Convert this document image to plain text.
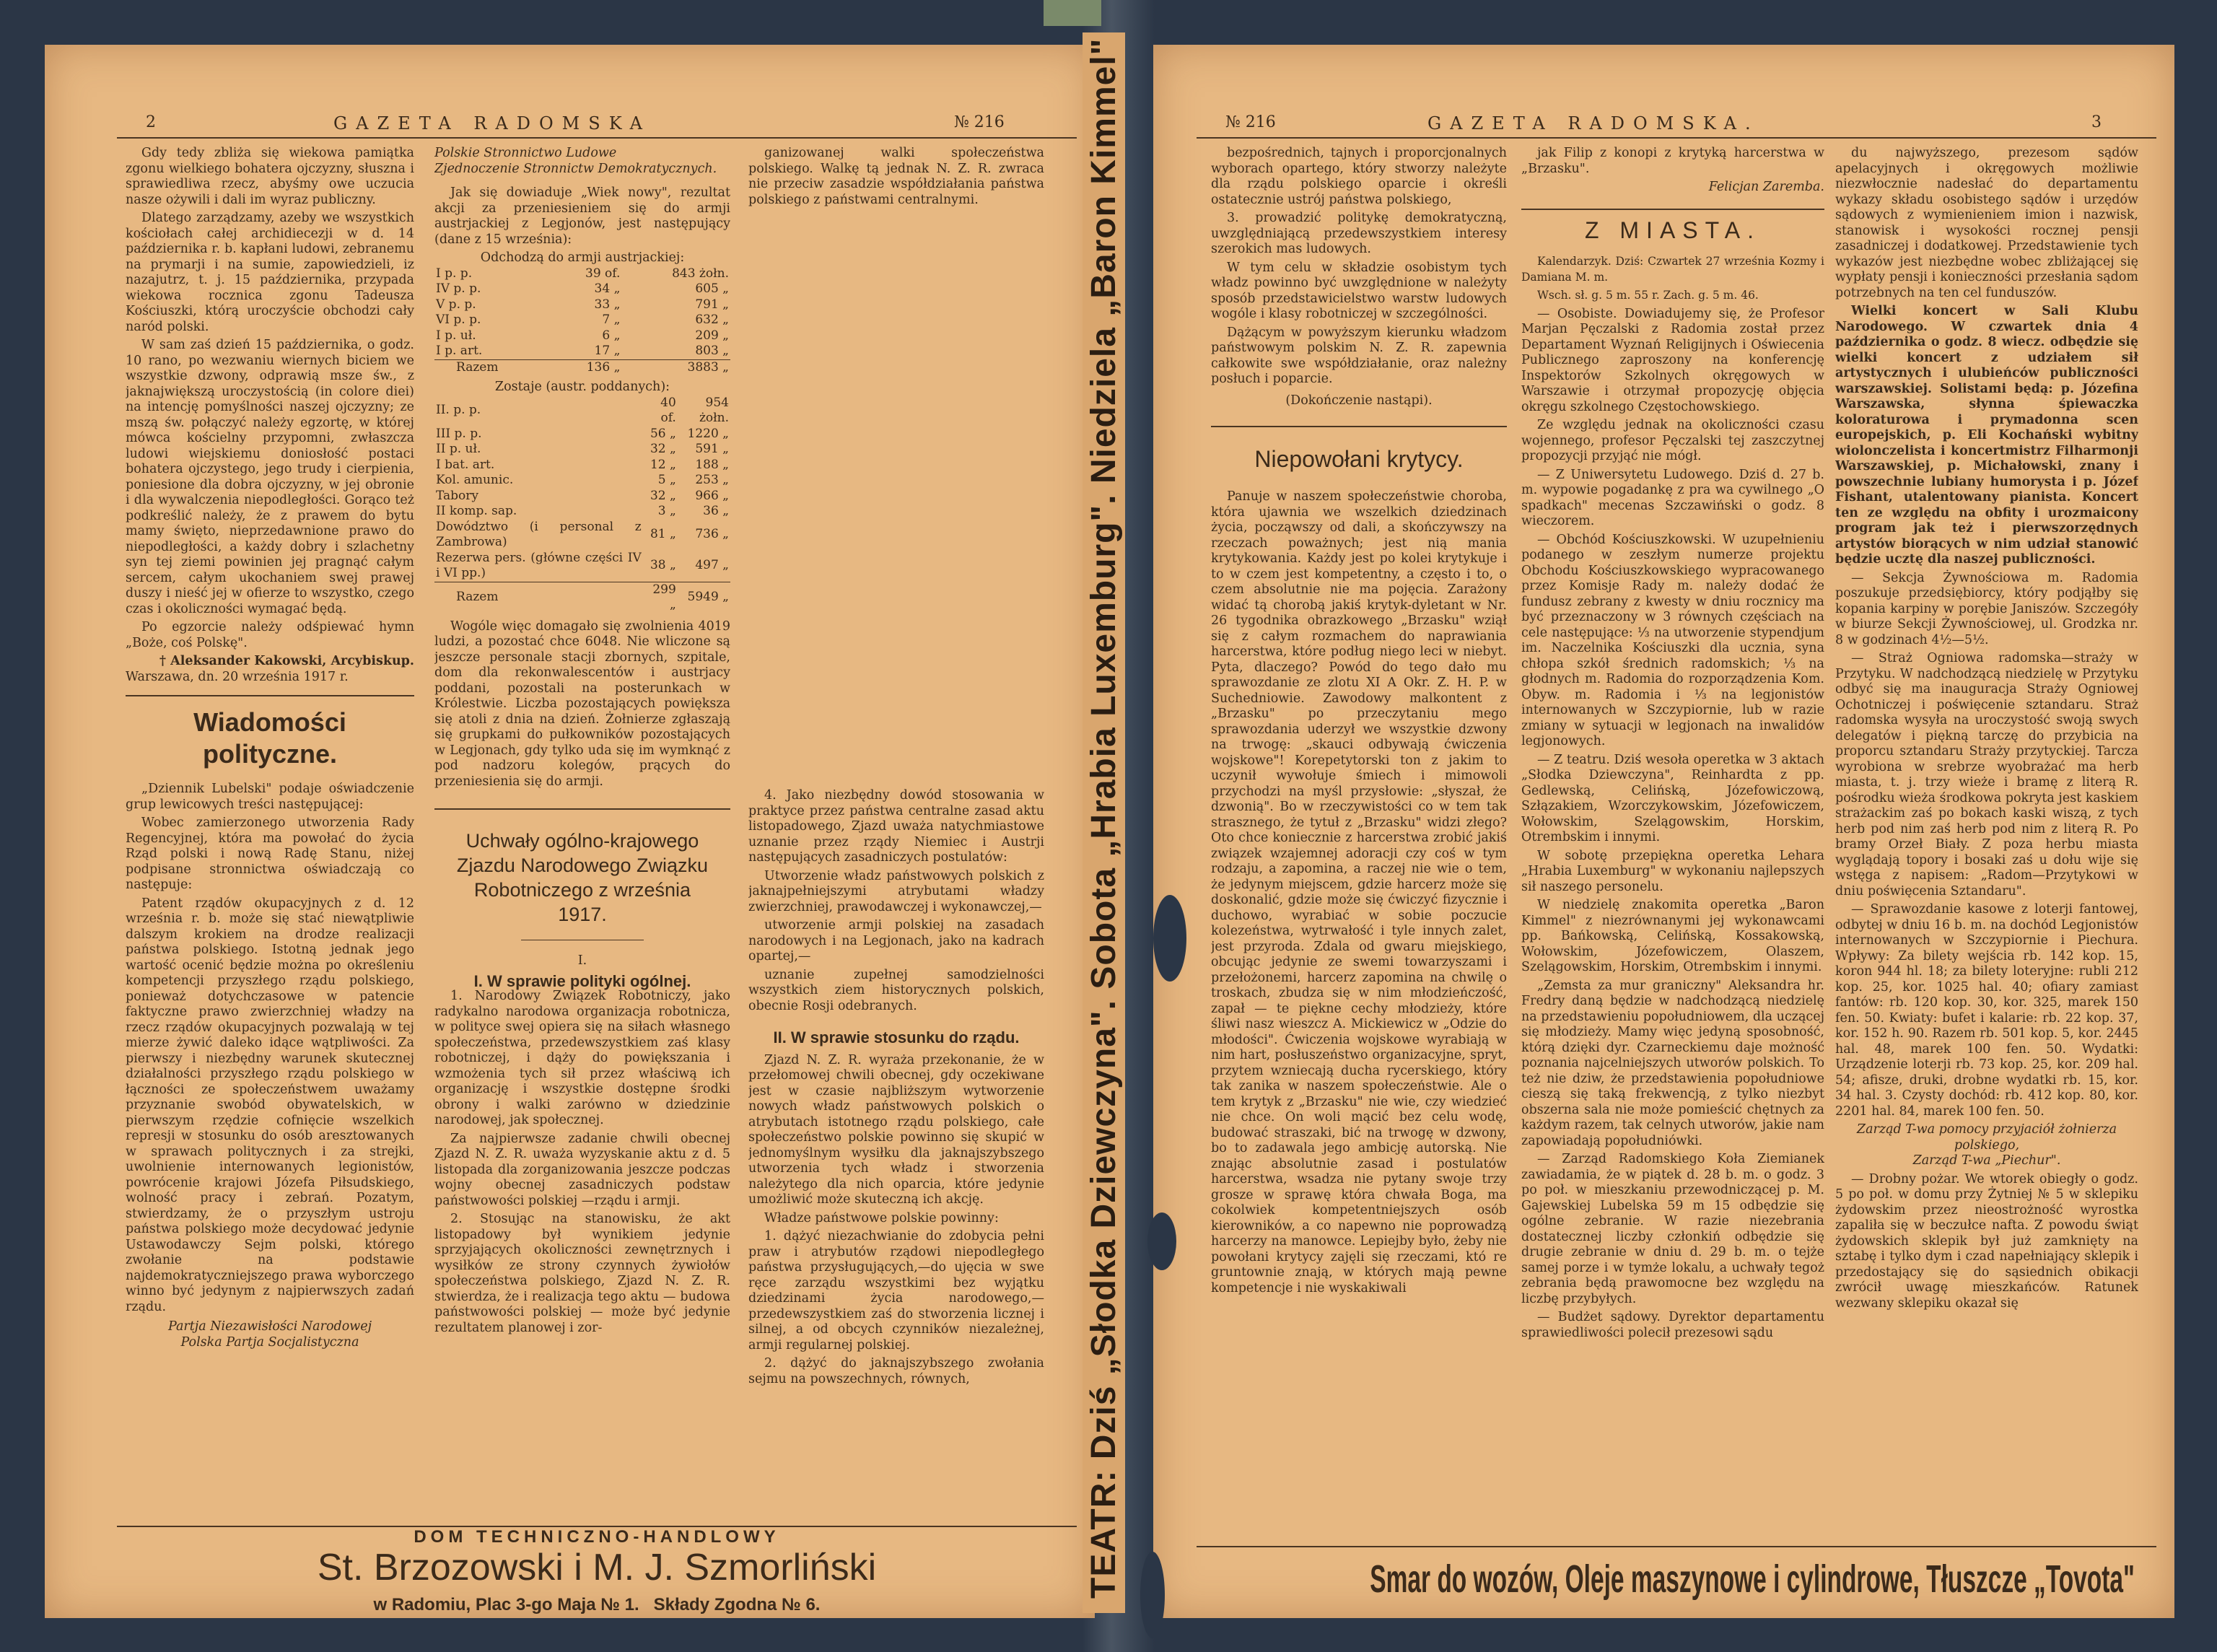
2	GAZETA RADOMSKA	№ 216

Gdy tedy zbliża się wiekowa pamiątka zgonu wielkiego bohatera ojczyzny, słuszna i sprawiedliwa rzecz, abyśmy owe uczucia nasze ożywili i dali im wyraz publiczny.

Dlatego zarządzamy, azeby we wszystkich kościołach całej archidiecezji w d. 14 października r. b. kapłani ludowi, zebranemu na prymarji i na sumie, zapowiedzieli, iz nazajutrz, t. j. 15 października, przypada wiekowa rocznica zgonu Tadeusza Kościuszki, którą uroczyście obchodzi cały naród polski.

W sam zaś dzień 15 października, o godz. 10 rano, po wezwaniu wiernych biciem we wszystkie dzwony, odprawią msze św., z jaknajwiększą uroczystością (in colore diei) na intencję pomyślności naszej ojczyzny; ze mszą św. połączyć należy egzortę, w której mówca kościelny przypomni, zwłaszcza ludowi wiejskiemu doniosłość postaci bohatera ojczystego, jego trudy i cierpienia, poniesione dla dobra ojczyzny, w jej obronie i dla wywalczenia niepodległości. Gorąco też podkreślić należy, że z prawem do bytu mamy święto, nieprzedawnione prawo do niepodległości, a każdy dobry i szlachetny syn tej ziemi powinien jej pragnąć całym sercem, całym ukochaniem swej prawej duszy i nieść jej w ofierze to wszystko, czego czas i okoliczności wymagać będą.

Po egzorcie należy odśpiewać hymn „Boże, coś Polskę".

† Aleksander Kakowski, Arcybiskup.
Warszawa, dn. 20 września 1917 r.
Wiadomości polityczne.

„Dziennik Lubelski" podaje oświadczenie grup lewicowych treści następującej:

Wobec zamierzonego utworzenia Rady Regencyjnej, która ma powołać do życia Rząd polski i nową Radę Stanu, niżej podpisane stronnictwa oświadczają co następuje:

Patent rządów okupacyjnych z d. 12 września r. b. może się stać niewątpliwie dalszym krokiem na drodze realizacji państwa polskiego. Istotną jednak jego wartość ocenić będzie można po określeniu kompetencji przyszłego rządu polskiego, ponieważ dotychczasowe w patencie faktyczne prawo zwierzchniej władzy na rzecz rządów okupacyjnych pozwalają w tej mierze żywić daleko idące wątpliwości. Za pierwszy i niezbędny warunek skutecznej działalności przyszłego rządu polskiego w łączności ze społeczeństwem uważamy przyznanie swobód obywatelskich, w pierwszym rzędzie cofnięcie wszelkich represji w stosunku do osób aresztowanych w sprawach politycznych i za strejki, uwolnienie internowanych legionistów, powrócenie krajowi Józefa Piłsudskiego, wolność pracy i zebrań. Pozatym, stwierdzamy, że o przyszłym ustroju państwa polskiego może decydować jedynie Ustawodawczy Sejm polski, którego zwołanie na podstawie najdemokratyczniejszego prawa wyborczego winno być jedynym z najpierwszych zadań rządu.

Partja Niezawisłości Narodowej
Polska Partja Socjalistyczna
Polskie Stronnictwo Ludowe
Zjednoczenie Stronnictw Demokratycznych.

Jak się dowiaduje „Wiek nowy", rezultat akcji za przeniesieniem się do armji austrjackiej z Legjonów, jest następujący (dane z 15 września):

Odchodzą do armji austrjackiej:
I p. p.	39 of.	843 żołn.
IV p. p.	34 „	605 „
V p. p.	33 „	791 „
VI p. p.	7 „	632 „
I p. uł.	6 „	209 „
I p. art.	17 „	803 „
Razem	136 „	3883 „
Zostaje (austr. poddanych):
II. p. p.	40 of.	954 żołn.
III p. p.	56 „	1220 „
II p. uł.	32 „	591 „
I bat. art.	12 „	188 „
Kol. amunic.	5 „	253 „
Tabory	32 „	966 „
II komp. sap.	3 „	36 „
Dowództwo (i personal z Zambrowa)	81 „	736 „
Rezerwa pers. (główne części IV i VI pp.)	38 „	497 „
Razem	299 „	5949 „

Wogóle więc domagało się zwolnienia 4019 ludzi, a pozostać chce 6048. Nie wliczone są jeszcze personale stacji zbornych, szpitale, dom dla rekonwalescentów i austrjacy poddani, pozostali na posterunkach w Królestwie. Liczba pozostających powiększa się atoli z dnia na dzień. Żołnierze zgłaszają się grupkami do pułkowników pozostających w Legjonach, gdy tylko uda się im wymknąć z pod nadzoru kolegów, prących do przeniesienia się do armji.

Uchwały ogólno-krajowego Zjazdu Narodowego Związku Robotniczego z września 1917.
I.
I. W sprawie polityki ogólnej.

1. Narodowy Związek Robotniczy, jako radykalno narodowa organizacja robotnicza, w polityce swej opiera się na siłach własnego społeczeństwa, przedewszystkiem zaś klasy robotniczej, i dąży do powiększania i wzmożenia tych sił przez właściwą ich organizację i wszystkie dostępne środki obrony i walki zarówno w dziedzinie narodowej, jak społecznej.

Za najpierwsze zadanie chwili obecnej Zjazd N. Z. R. uważa wyzyskanie aktu z d. 5 listopada dla zorganizowania jeszcze podczas wojny obecnej zasadniczych podstaw państwowości polskiej —rządu i armji.

2. Stosując na stanowisku, że akt listopadowy był wynikiem jedynie sprzyjających okoliczności zewnętrznych i wysiłków ze strony czynnych żywiołów społeczeństwa polskiego, Zjazd N. Z. R. stwierdza, że i realizacja tego aktu — budowa państwowości polskiej — może być jedynie rezultatem planowej i zor-

ganizowanej walki społeczeństwa polskiego. Walkę tą jednak N. Z. R. zwraca nie przeciw zasadzie współdziałania państwa polskiego z państwami centralnymi.

4. Jako niezbędny dowód stosowania w praktyce przez państwa centralne zasad aktu listopadowego, Zjazd uważa natychmiastowe uznanie przez rządy Niemiec i Austrji następujących zasadniczych postulatów:

Utworzenie władz państwowych polskich z jaknajpełniejszymi atrybutami władzy zwierzchniej, prawodawczej i wykonawczej,—

utworzenie armji polskiej na zasadach narodowych i na Legjonach, jako na kadrach opartej,—

uznanie zupełnej samodzielności wszystkich ziem historycznych polskich, obecnie Rosji odebranych.

II. W sprawie stosunku do rządu.

Zjazd N. Z. R. wyraża przekonanie, że w przełomowej chwili obecnej, gdy oczekiwane jest w czasie najbliższym wytworzenie nowych władz państwowych polskich o atrybutach istotnego rządu polskiego, całe społeczeństwo polskie powinno się skupić w jednomyślnym wysiłku dla jaknajszybszego utworzenia tych władz i stworzenia należytego dla nich oparcia, które jedynie umożliwić może skuteczną ich akcję.

Władze państwowe polskie powinny:

1. dążyć niezachwianie do zdobycia pełni praw i atrybutów rządowi niepodległego państwa przysługujących,—do ujęcia w swe ręce zarządu wszystkimi bez wyjątku dziedzinami życia narodowego,—przedewszystkiem zaś do stworzenia licznej i silnej, a od obcych czynników niezależnej, armji regularnej polskiej.

2. dążyć do jaknajszybszego zwołania sejmu na powszechnych, równych,

DOM TECHNICZNO-HANDLOWY
St. Brzozowski i M. J. Szmorliński
w Radomiu, Plac 3-go Maja № 1.   Składy Zgodna № 6.
№ 216	GAZETA RADOMSKA.	3

bezpośrednich, tajnych i proporcjonalnych wyborach opartego, który stworzy należyte dla rządu polskiego oparcie i określi ostatecznie ustrój państwa polskiego,

3. prowadzić politykę demokratyczną, uwzględniającą przedewszystkiem interesy szerokich mas ludowych.

W tym celu w składzie osobistym tych władz powinno być uwzględnione w należyty sposób przedstawicielstwo warstw ludowych wogóle i klasy robotniczej w szczególności.

Dążącym w powyższym kierunku władzom państwowym polskim N. Z. R. zapewnia całkowite swe współdziałanie, oraz należny posłuch i poparcie.

(Dokończenie nastąpi).
Niepowołani krytycy.

Panuje w naszem społeczeństwie choroba, która ujawnia we wszelkich dziedzinach życia, począwszy od dali, a skończywszy na rzeczach poważnych; jest nią mania krytykowania. Każdy jest po kolei krytykuje i to w czem jest kompetentny, a często i to, o czem absolutnie nie ma pojęcia. Zarażony widać tą chorobą jakiś krytyk-dyletant w Nr. 26 tygodnika obrazkowego „Brzasku" wziął się z całym rozmachem do naprawiania harcerstwa, które podług niego leci w niebyt. Pyta, dlaczego? Powód do tego dało mu sprawozdanie ze zlotu XI A Okr. Z. H. P. w Suchedniowie. Zawodowy malkontent z „Brzasku" po przeczytaniu mego sprawozdania uderzył we wszystkie dzwony na trwogę: „skauci odbywają ćwiczenia wojskowe"! Korepetytorski ton z jakim to uczynił wywołuje śmiech i mimowoli przychodzi na myśl przysłowie: „słyszał, że dzwonią". Bo w rzeczywistości co w tem tak strasznego, że tytuł z „Brzasku" widzi złego? Oto chce koniecznie z harcerstwa zrobić jakiś związek wzajemnej adoracji czy coś w tym rodzaju, a zapomina, a raczej nie wie o tem, że jedynym miejscem, gdzie harcerz może się doskonalić, gdzie może się ćwiczyć fizycznie i duchowo, wyrabiać w sobie poczucie kolezeństwa, wytrwałość i tyle innych zalet, jest przyroda. Zdala od gwaru miejskiego, obcując jedynie ze swemi towarzyszami i przełożonemi, harcerz zapomina na chwilę o troskach, zbudza się w nim młodzieńczość, zapał — te piękne cechy młodzieży, które śliwi nasz wieszcz A. Mickiewicz w „Odzie do młodości". Ćwiczenia wojskowe wyrabiają w nim hart, posłuszeństwo organizacyjne, spryt, przytem wzniecają ducha rycerskiego, który tak zanika w naszem społeczeństwie. Ale o tem krytyk z „Brzasku" nie wie, czy wiedzieć nie chce. On woli mącić bez celu wodę, budować straszaki, bić na trwogę w dzwony, bo to zadawala jego ambicję autorską. Nie znając absolutnie zasad i postulatów harcerstwa, wsadza nie pytany swoje trzy grosze w sprawę która chwała Boga, ma cokolwiek kompetentniejszych osób kierowników, a co napewno nie poprowadzą harcerzy na manowce. Lepiejby było, żeby nie powołani krytycy zajęli się rzeczami, któ re gruntownie znają, w których mają pewne kompetencje i nie wyskakiwali

jak Filip z konopi z krytyką harcerstwa w „Brzasku".

Felicjan Zaremba.
Z MIASTA.

Kalendarzyk. Dziś: Czwartek 27 września Kozmy i Damiana M. m.

Wsch. sł. g. 5 m. 55 r. Zach. g. 5 m. 46.

— Osobiste. Dowiadujemy się, że Profesor Marjan Pęczalski z Radomia został przez Departament Wyznań Religijnych i Oświecenia Publicznego zaproszony na konferencję Inspektorów Szkolnych okręgowych w Warszawie i otrzymał propozycję objęcia okręgu szkolnego Częstochowskiego.

Ze względu jednak na okoliczności czasu wojennego, profesor Pęczalski tej zaszczytnej propozycji przyjąć nie mógł.

— Z Uniwersytetu Ludowego. Dziś d. 27 b. m. wypowie pogadankę z pra wa cywilnego „O spadkach" mecenas Szczawiński o godz. 8 wieczorem.

— Obchód Kościuszkowski. W uzupełnieniu podanego w zeszłym numerze projektu Obchodu Kościuszkowskiego wypracowanego przez Komisje Rady m. należy dodać że fundusz zebrany z kwesty w dniu rocznicy ma być przeznaczony w 3 równych częściach na cele następujące: ⅓ na utworzenie stypendjum im. Naczelnika Kościuszki dla ucznia, syna chłopa szkół średnich radomskich; ⅓ na głodnych m. Radomia do rozporządzenia Kom. Obyw. m. Radomia i ⅓ na legjonistów internowanych w Szczypiornie, lub w razie zmiany w sytuacji w legjonach na inwalidów legjonowych.

— Z teatru. Dziś wesoła operetka w 3 aktach „Słodka Dziewczyna", Reinhardta z pp. Gedlewską, Celińską, Józefowiczową, Szłązakiem, Wzorczykowskim, Józefowiczem, Wołowskim, Szelągowskim, Horskim, Otrembskim i innymi.

W sobotę przepiękna operetka Lehara „Hrabia Luxemburg" w wykonaniu najlepszych sił naszego personelu.

W niedzielę znakomita operetka „Baron Kimmel" z niezrównanymi jej wykonawcami pp. Bańkowską, Celińską, Kossakowską, Wołowskim, Józefowiczem, Olaszem, Szelągowskim, Horskim, Otrembskim i innymi.

„Zemsta za mur graniczny" Aleksandra hr. Fredry daną będzie w nadchodzącą niedzielę na przedstawieniu popołudniowem, dla uczącej się młodzieży. Mamy więc jedyną sposobność, którą dzięki dyr. Czarneckiemu daje możność poznania najcelniejszych utworów polskich. To też nie dziw, że przedstawienia popołudniowe cieszą się taką frekwencją, z tylko niezbyt obszerna sala nie może pomieścić chętnych za każdym razem, tak celnych utworów, jakie nam zapowiadają popołudniówki.

— Zarząd Radomskiego Koła Ziemianek zawiadamia, że w piątek d. 28 b. m. o godz. 3 po poł. w mieszkaniu przewodniczącej p. M. Gajewskiej Lubelska 59 m 15 odbędzie się ogólne zebranie. W razie niezebrania dostatecznej liczby członkiń odbędzie się drugie zebranie w dniu d. 29 b. m. o tejże samej porze i w tymże lokalu, a uchwały tegoż zebrania będą prawomocne bez względu na liczbę przybyłych.

— Budżet sądowy. Dyrektor departamentu sprawiedliwości polecił prezesowi sądu

du najwyższego, prezesom sądów apelacyjnych i okręgowych możliwie niezwłocznie nadesłać do departamentu wykazy składu osobistego sądów i urzędów sądowych z wymienieniem imion i nazwisk, stanowisk i wysokości rocznej pensji zasadniczej i dodatkowej. Przedstawienie tych wykazów jest niezbędne wobec zbliżającej się wypłaty pensji i konieczności przesłania sądom potrzebnych na ten cel funduszów.

Wielki koncert w Sali Klubu Narodowego. W czwartek dnia 4 października o godz. 8 wiecz. odbędzie się wielki koncert z udziałem sił artystycznych i ulubieńców publiczności warszawskiej. Solistami będą: p. Józefina Warszawska, słynna śpiewaczka koloraturowa i prymadonna scen europejskich, p. Eli Kochański wybitny wiolonczelista i koncertmistrz Filharmonji Warszawskiej, p. Michałowski, znany i powszechnie lubiany humorysta i p. Józef Fishant, utalentowany pianista. Koncert ten ze względu na obfity i urozmaicony program jak też i pierwszorzędnych artystów biorących w nim udział stanowić będzie ucztę dla naszej publiczności.

— Sekcja Żywnościowa m. Radomia poszukuje przedsiębiorcy, który podjąłby się kopania karpiny w porębie Janiszów. Szczegóły w biurze Sekcji Żywnościowej, ul. Grodzka nr. 8 w godzinach 4½—5½.

— Straż Ogniowa radomska—straży w Przytyku. W nadchodzącą niedzielę w Przytyku odbyć się ma inauguracja Straży Ogniowej Ochotniczej i poświęcenie sztandaru. Straż radomska wysyła na uroczystość swoją swych delegatów i piękną tarczę do przybicia na proporcu sztandaru Straży przytyckiej. Tarcza wyrobiona w srebrze wyobrażać ma herb miasta, t. j. trzy wieże i bramę z literą R. pośrodku wieża środkowa pokryta jest kaskiem strażackim zaś po bokach kaski wiszą, z tych herb pod nim zaś herb pod nim z literą R. Po bramy Orzeł Biały. Z poza herbu miasta wyglądają topory i bosaki zaś u dołu wije się wstęga z napisem: „Radom—Przytykowi w dniu poświęcenia Sztandaru".

— Sprawozdanie kasowe z loterji fantowej, odbytej w dniu 16 b. m. na dochód Legjonistów internowanych w Szczypiornie i Piechura. Wpływy: Za bilety wejścia rb. 142 kop. 15, koron 944 hl. 18; za bilety loteryjne: rubli 212 kop. 25, kor. 1025 hal. 40; ofiary zamiast fantów: rb. 120 kop. 30, kor. 325, marek 150 fen. 50. Kwiaty: bufet i kalarie: rb. 22 kop. 37, kor. 152 h. 90. Razem rb. 501 kop. 5, kor. 2445 hal. 48, marek 100 fen. 50. Wydatki: Urządzenie loterji rb. 73 kop. 25, kor. 209 hal. 54; afisze, druki, drobne wydatki rb. 15, kor. 34 hal. 3. Czysty dochód: rb. 412 kop. 80, kor. 2201 hal. 84, marek 100 fen. 50.

Zarząd T-wa pomocy przyjaciół żołnierza polskiego,
Zarząd T-wa „Piechur".

— Drobny pożar. We wtorek obiegły o godz. 5 po poł. w domu przy Żytniej № 5 w sklepiku żydowskim przez nieostrożność wyrostka zapaliła się w beczułce nafta. Z powodu świąt żydowskich sklepik był już zamknięty na sztabę i tylko dym i czad napełniający sklepik i przedostający się do sąsiednich obikacji zwrócił uwagę mieszkańców. Ratunek wezwany sklepiku okazał się

Smar do wozów, Oleje maszynowe i cylindrowe, Tłuszcze „Tovota"
TEATR: Dziś „Słodka Dziewczyna". Sobota „Hrabia Luxemburg". Niedziela „Baron Kimmel"
